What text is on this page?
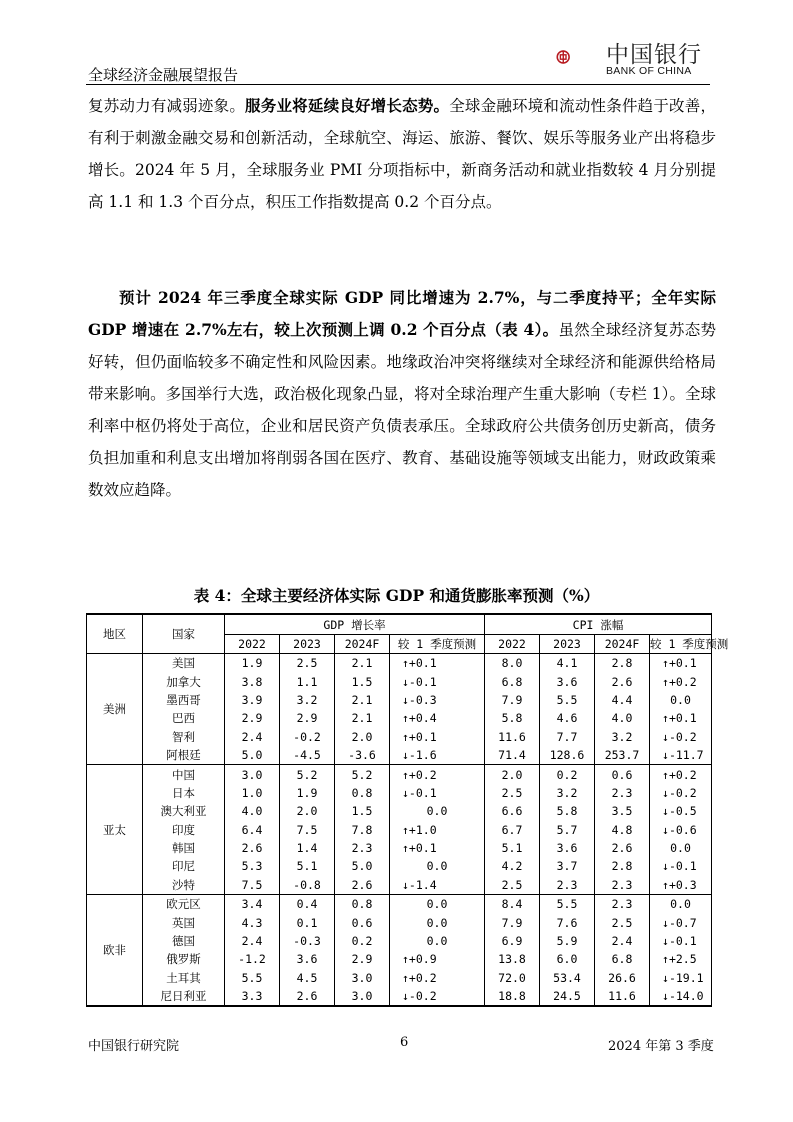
全球经济金融展望报告
中国银行
BANK OF CHINA
复苏动力有减弱迹象。服务业将延续良好增长态势。全球金融环境和流动性条件趋于改善，有利于刺激金融交易和创新活动，全球航空、海运、旅游、餐饮、娱乐等服务业产出将稳步增长。2024 年 5 月，全球服务业 PMI 分项指标中，新商务活动和就业指数较 4 月分别提高 1.1 和 1.3 个百分点，积压工作指数提高 0.2 个百分点。
预计 2024 年三季度全球实际 GDP 同比增速为 2.7%，与二季度持平；全年实际 GDP 增速在 2.7%左右，较上次预测上调 0.2 个百分点（表 4）。虽然全球经济复苏态势好转，但仍面临较多不确定性和风险因素。地缘政治冲突将继续对全球经济和能源供给格局带来影响。多国举行大选，政治极化现象凸显，将对全球治理产生重大影响（专栏 1）。全球利率中枢仍将处于高位，企业和居民资产负债表承压。全球政府公共债务创历史新高，债务负担加重和利息支出增加将削弱各国在医疗、教育、基础设施等领域支出能力，财政政策乘数效应趋降。
表 4：全球主要经济体实际 GDP 和通货膨胀率预测（%）
地区	国家	GDP 增长率				CPI 涨幅			
		2022	2023	2024F	较 1 季度预测	2022	2023	2024F	较 1 季度预测
美洲	美国	1.9	2.5	2.1	↑+0.1	8.0	4.1	2.8	↑+0.1
	加拿大	3.8	1.1	1.5	↓-0.1	6.8	3.6	2.6	↑+0.2
	墨西哥	3.9	3.2	2.1	↓-0.3	7.9	5.5	4.4	0.0
	巴西	2.9	2.9	2.1	↑+0.4	5.8	4.6	4.0	↑+0.1
	智利	2.4	-0.2	2.0	↑+0.1	11.6	7.7	3.2	↓-0.2
	阿根廷	5.0	-4.5	-3.6	↓-1.6	71.4	128.6	253.7	↓-11.7
亚太	中国	3.0	5.2	5.2	↑+0.2	2.0	0.2	0.6	↑+0.2
	日本	1.0	1.9	0.8	↓-0.1	2.5	3.2	2.3	↓-0.2
	澳大利亚	4.0	2.0	1.5	0.0	6.6	5.8	3.5	↓-0.5
	印度	6.4	7.5	7.8	↑+1.0	6.7	5.7	4.8	↓-0.6
	韩国	2.6	1.4	2.3	↑+0.1	5.1	3.6	2.6	0.0
	印尼	5.3	5.1	5.0	0.0	4.2	3.7	2.8	↓-0.1
	沙特	7.5	-0.8	2.6	↓-1.4	2.5	2.3	2.3	↑+0.3
欧非	欧元区	3.4	0.4	0.8	0.0	8.4	5.5	2.3	0.0
	英国	4.3	0.1	0.6	0.0	7.9	7.6	2.5	↓-0.7
	德国	2.4	-0.3	0.2	0.0	6.9	5.9	2.4	↓-0.1
	俄罗斯	-1.2	3.6	2.9	↑+0.9	13.8	6.0	6.8	↑+2.5
	土耳其	5.5	4.5	3.0	↑+0.2	72.0	53.4	26.6	↓-19.1
	尼日利亚	3.3	2.6	3.0	↓-0.2	18.8	24.5	11.6	↓-14.0
中国银行研究院	6	2024 年第 3 季度
